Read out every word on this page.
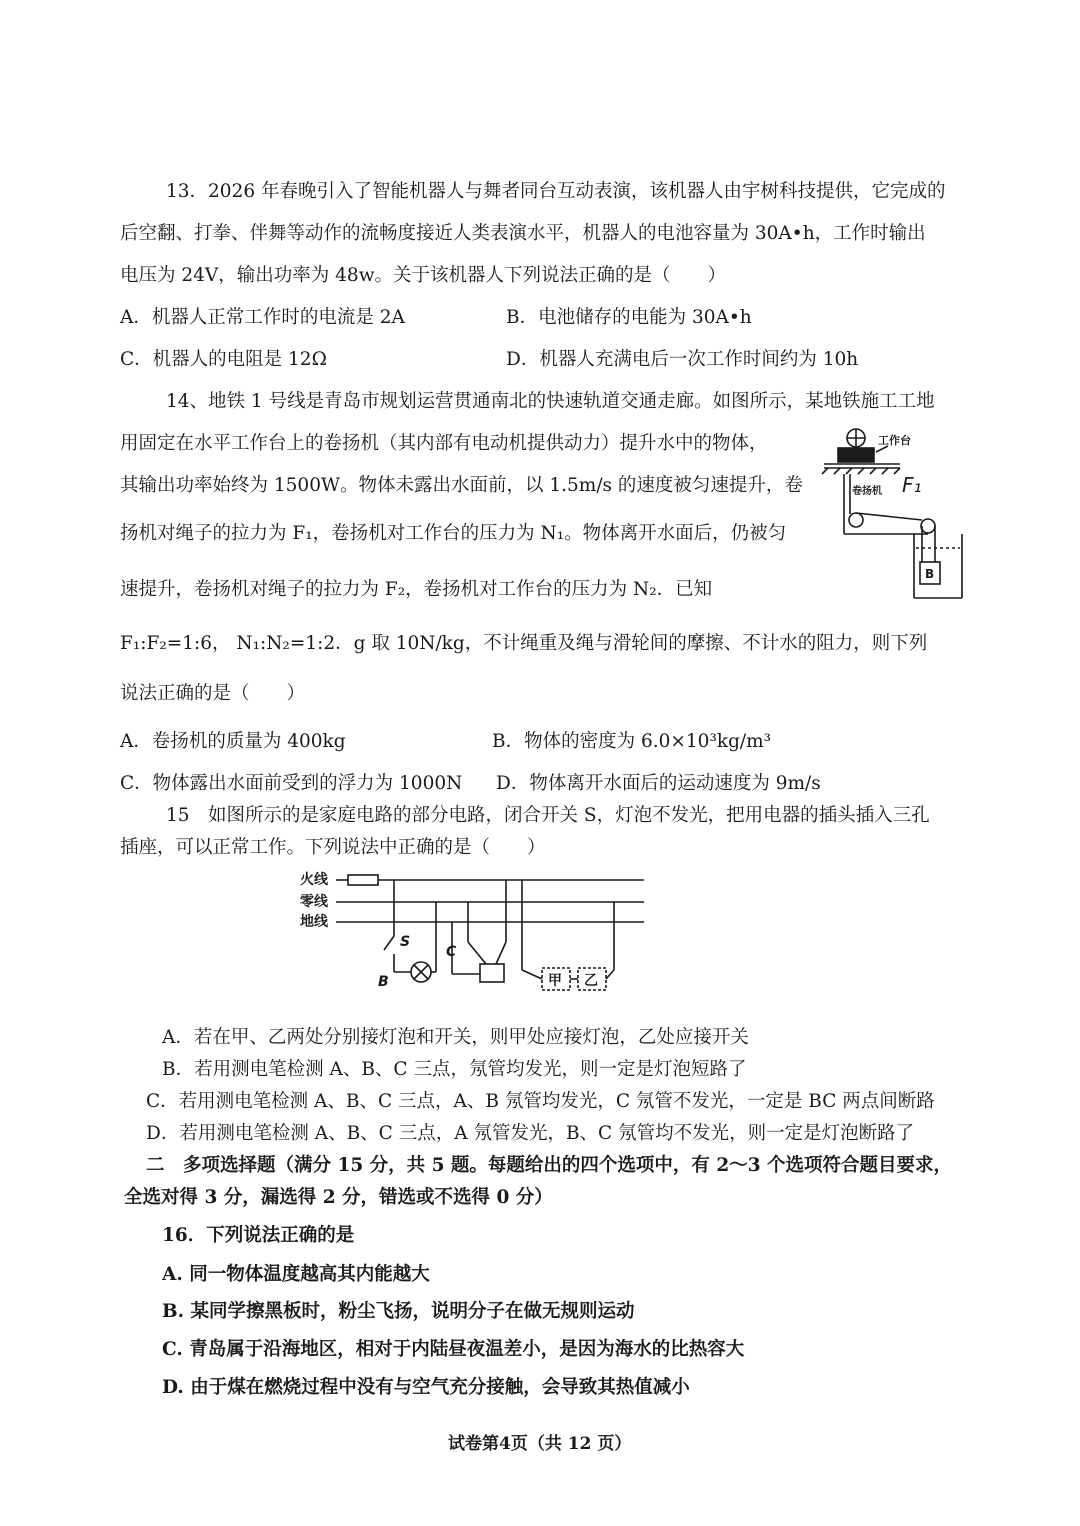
13．2026 年春晚引入了智能机器人与舞者同台互动表演，该机器人由宇树科技提供，它完成的
后空翻、打拳、伴舞等动作的流畅度接近人类表演水平，机器人的电池容量为 30A•h，工作时输出
电压为 24V，输出功率为 48w。关于该机器人下列说法正确的是（　　）
A．机器人正常工作时的电流是 2A	B．电池储存的电能为 30A•h
C．机器人的电阻是 12Ω	D．机器人充满电后一次工作时间约为 10h
14、地铁 1 号线是青岛市规划运营贯通南北的快速轨道交通走廊。如图所示，某地铁施工工地
用固定在水平工作台上的卷扬机（其内部有电动机提供动力）提升水中的物体，
其输出功率始终为 1500W。物体未露出水面前，以 1.5m/s 的速度被匀速提升，卷
扬机对绳子的拉力为 F₁，卷扬机对工作台的压力为 N₁。物体离开水面后，仍被匀
速提升，卷扬机对绳子的拉力为 F₂，卷扬机对工作台的压力为 N₂．已知
F₁:F₂=1:6， N₁:N₂=1:2．g 取 10N/kg，不计绳重及绳与滑轮间的摩擦、不计水的阻力，则下列
说法正确的是（　　）
A．卷扬机的质量为 400kg	B．物体的密度为 6.0×10³kg/m³
C．物体露出水面前受到的浮力为 1000N D．物体离开水面后的运动速度为 9m/s
工作台
卷扬机 F₁
B
15　如图所示的是家庭电路的部分电路，闭合开关 S，灯泡不发光，把用电器的插头插入三孔
插座，可以正常工作。下列说法中正确的是（　　）
火线
零线
地线
S
B
C
甲 乙
A．若在甲、乙两处分别接灯泡和开关，则甲处应接灯泡，乙处应接开关
B．若用测电笔检测 A、B、C 三点，氖管均发光，则一定是灯泡短路了
C．若用测电笔检测 A、B、C 三点，A、B 氖管均发光，C 氖管不发光，一定是 BC 两点间断路
D．若用测电笔检测 A、B、C 三点，A 氖管发光，B、C 氖管均不发光，则一定是灯泡断路了
二　多项选择题（满分 15 分，共 5 题。每题给出的四个选项中，有 2～3 个选项符合题目要求，
全选对得 3 分，漏选得 2 分，错选或不选得 0 分）
16．下列说法正确的是
A. 同一物体温度越高其内能越大
B. 某同学擦黑板时，粉尘飞扬，说明分子在做无规则运动
C. 青岛属于沿海地区，相对于内陆昼夜温差小，是因为海水的比热容大
D. 由于煤在燃烧过程中没有与空气充分接触，会导致其热值减小
试卷第4页（共 12 页）
